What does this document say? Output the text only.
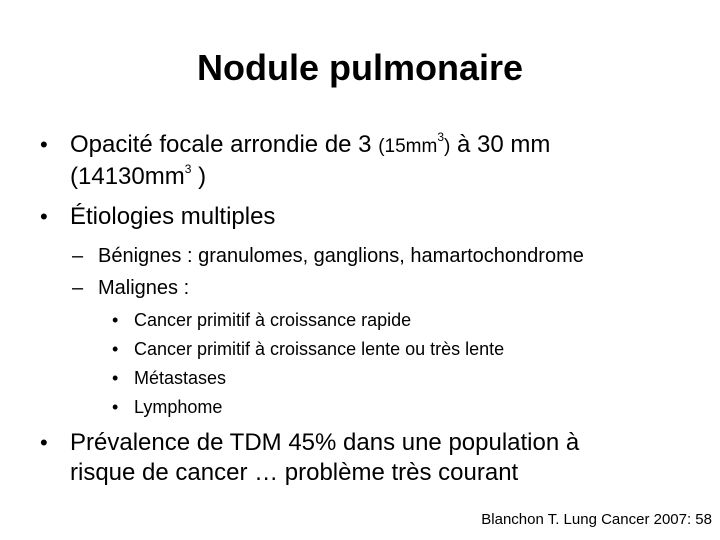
Nodule pulmonaire
• Opacité focale arrondie de 3 $(15mm^3)$ à 30 mm
($14130mm^3$ )
• Étiologies multiples
– Bénignes : granulomes, ganglions, hamartochondrome
– Malignes :
• Cancer primitif à croissance rapide
• Cancer primitif à croissance lente ou très lente
• Métastases
• Lymphome
• Prévalence de TDM 45% dans une population à
risque de cancer … problème très courant
Blanchon T. Lung Cancer 2007: 58
